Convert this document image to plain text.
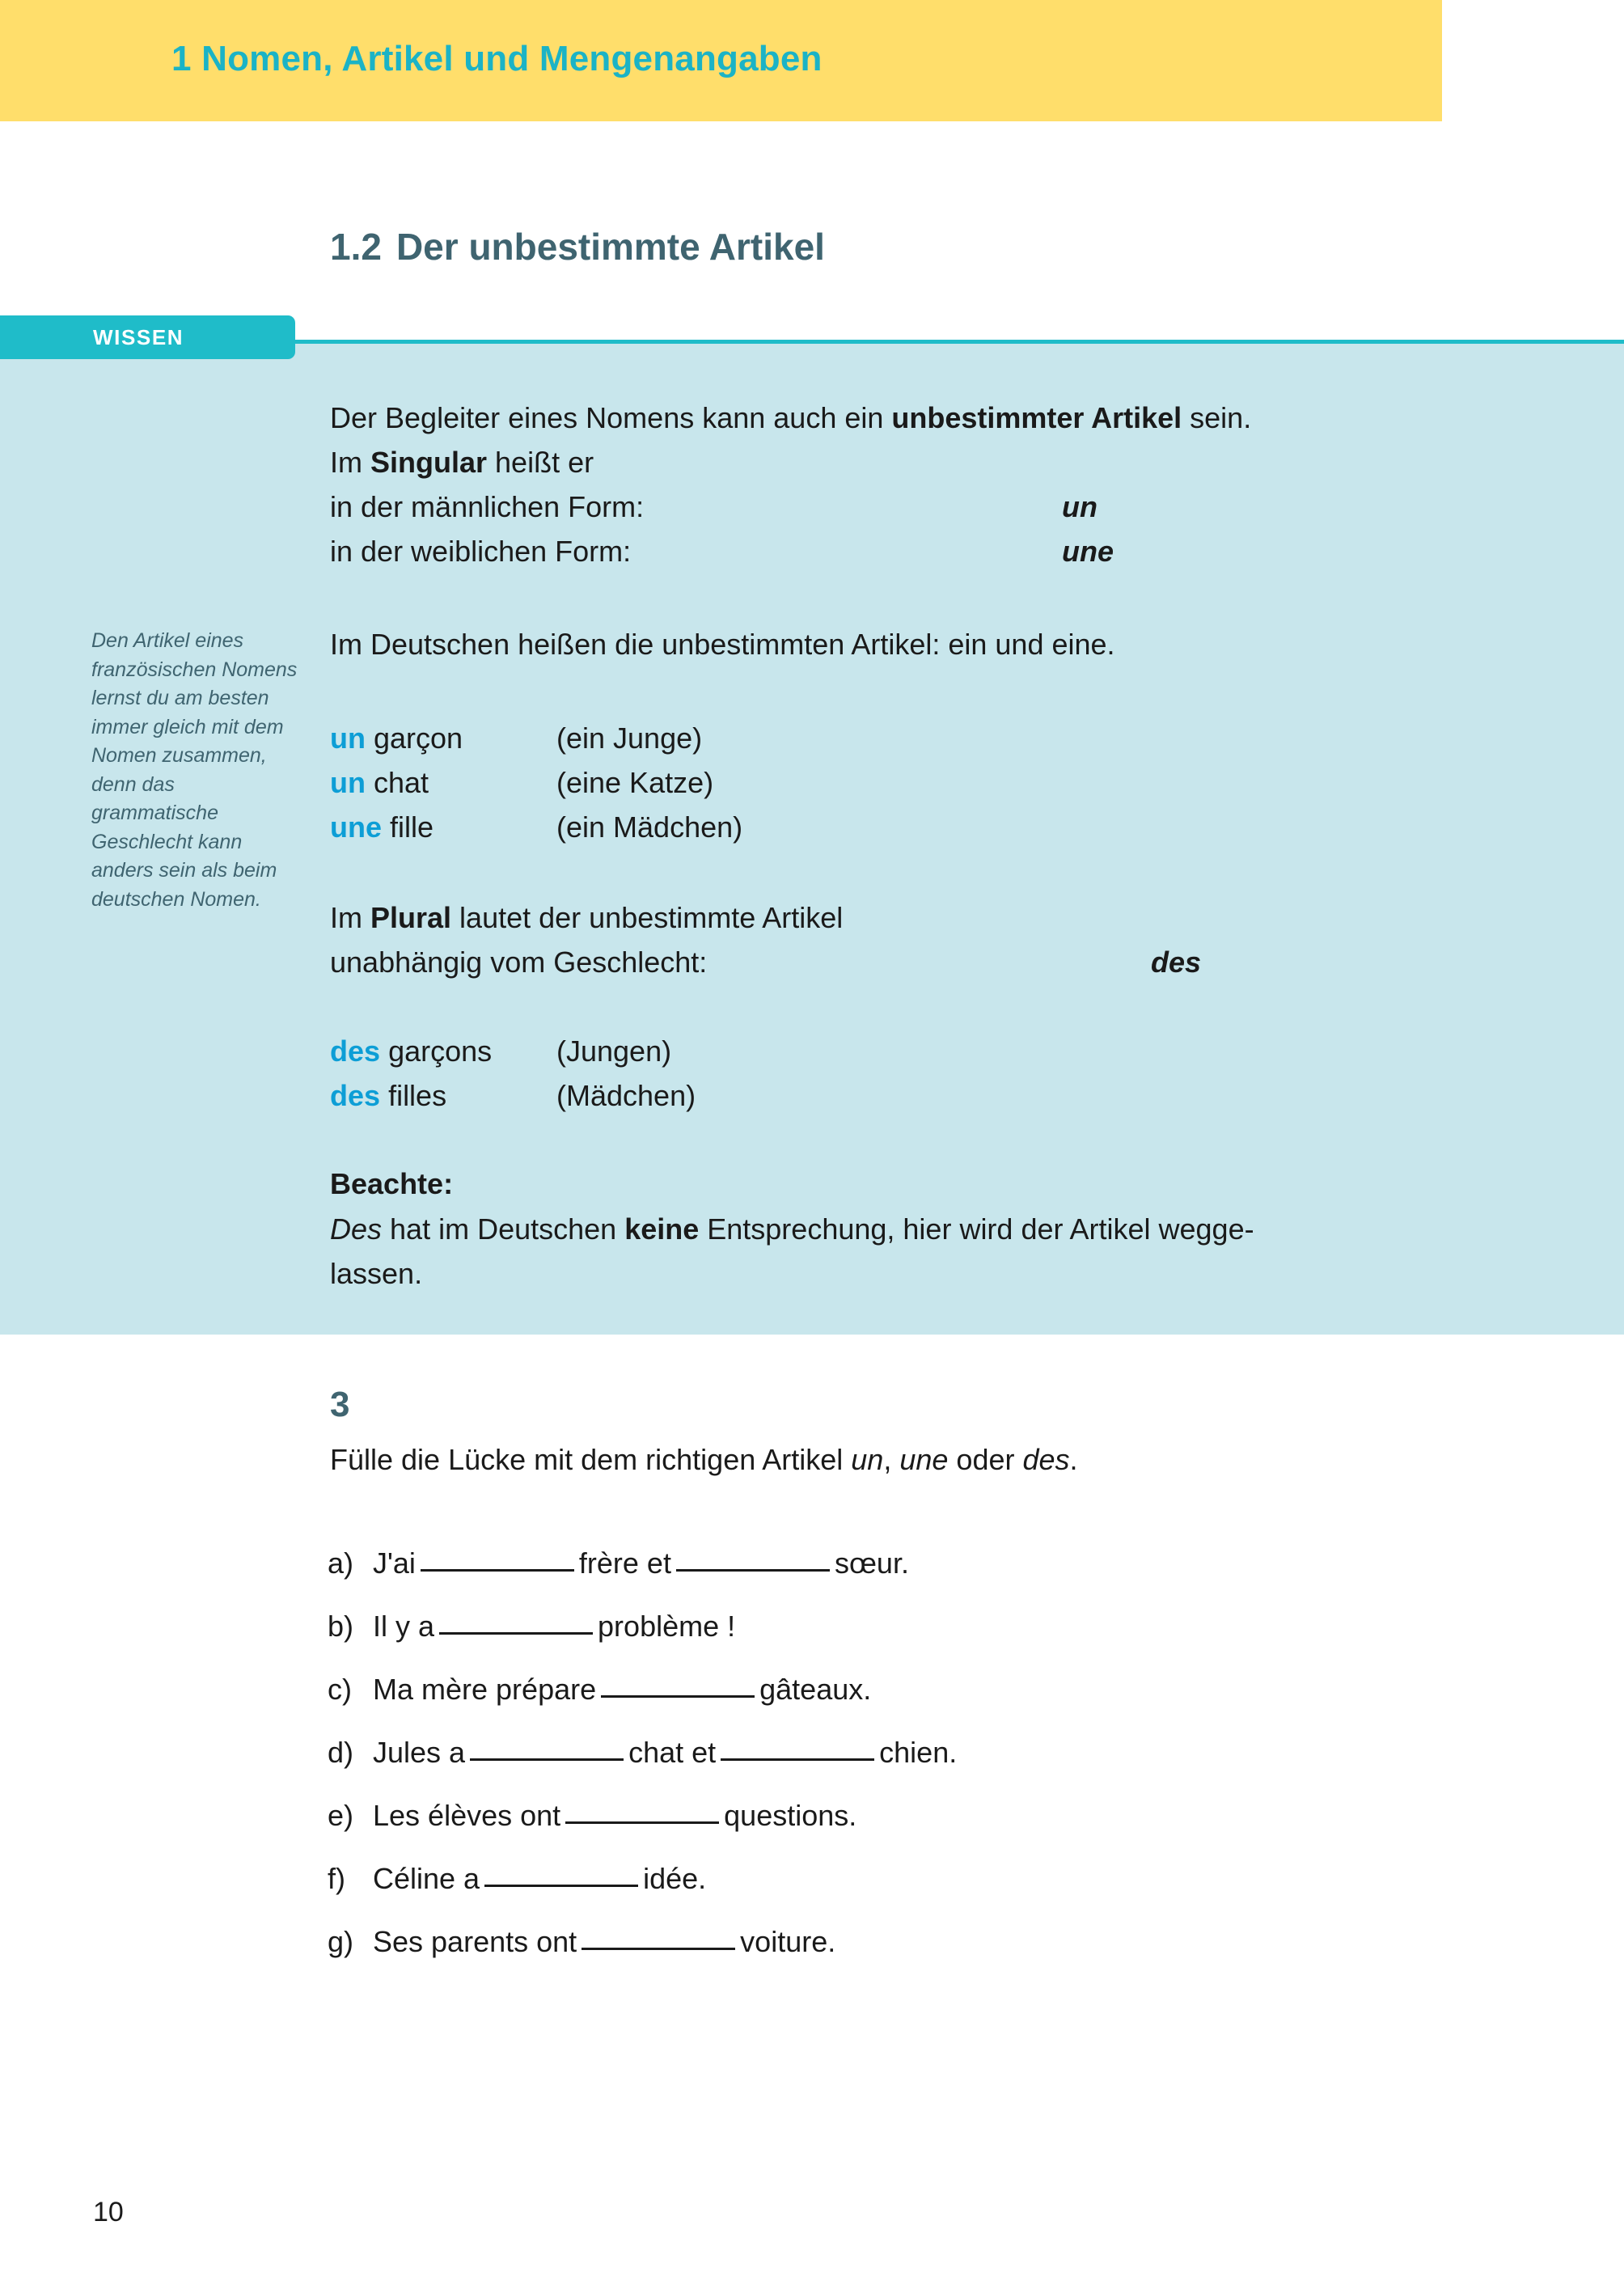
1 Nomen, Artikel und Mengenangaben
1.2 Der unbestimmte Artikel
WISSEN
Der Begleiter eines Nomens kann auch ein unbestimmter Artikel sein.
Im Singular heißt er
in der männlichen Form:	un
in der weiblichen Form:	une
Den Artikel eines französischen Nomens lernst du am besten immer gleich mit dem Nomen zusammen, denn das grammatische Geschlecht kann anders sein als beim deutschen Nomen.
Im Deutschen heißen die unbestimmten Artikel: ein und eine.
un garçon	(ein Junge)
un chat	(eine Katze)
une fille	(ein Mädchen)
Im Plural lautet der unbestimmte Artikel
unabhängig vom Geschlecht:	des
des garçons (Jungen)
des filles	(Mädchen)
Beachte:
Des hat im Deutschen keine Entsprechung, hier wird der Artikel wegge-
lassen.
3
Fülle die Lücke mit dem richtigen Artikel un, une oder des.
a) J'ai	frère et	sœur.
b) Il y a	problème !
c) Ma mère prépare	gâteaux.
d) Jules a	chat et	chien.
e) Les élèves ont	questions.
f) Céline a	idée.
g) Ses parents ont	voiture.
10
